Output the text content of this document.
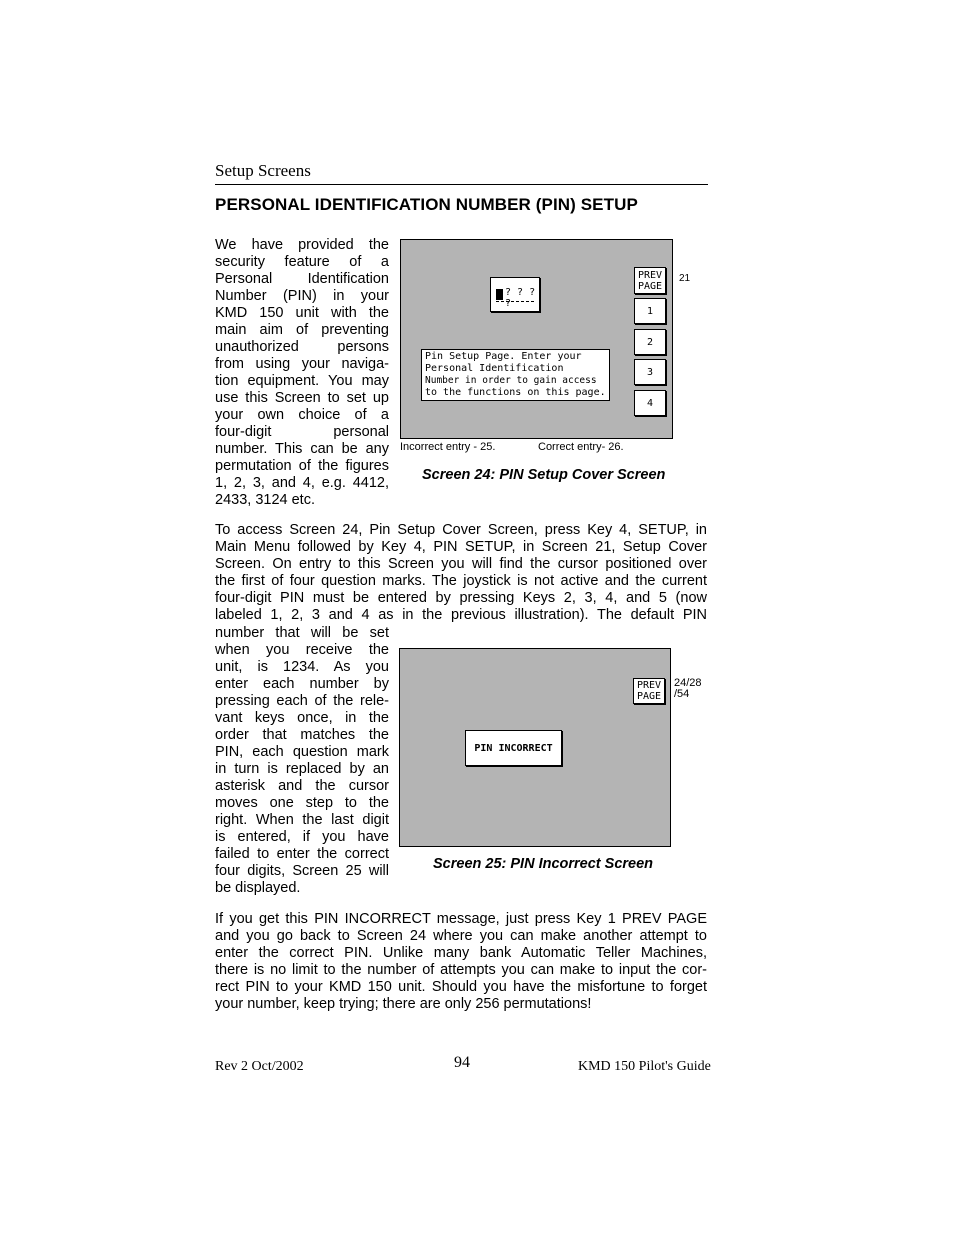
Setup Screens
PERSONAL IDENTIFICATION NUMBER (PIN) SETUP
We have provided the
security feature of a
Personal Identification
Number (PIN) in your
KMD 150 unit with the
main aim of preventing
unauthorized persons
from using your naviga-
tion equipment. You may
use this Screen to set up
your own choice of a
four-digit personal
number. This can be any
permutation of the figures
1, 2, 3, and 4, e.g. 4412,
2433, 3124 etc.
? ? ? ?
PREV
PAGE
1
2
3
4
Pin Setup Page. Enter your
Personal Identification
Number in order to gain access
to the functions on this page.
21
Incorrect entry - 25.	Correct entry- 26.
Screen 24: PIN Setup Cover Screen
To access Screen 24, Pin Setup Cover Screen, press Key 4, SETUP, in
Main Menu followed by Key 4, PIN SETUP, in Screen 21, Setup Cover
Screen. On entry to this Screen you will find the cursor positioned over
the first of four question marks. The joystick is not active and the current
four-digit PIN must be entered by pressing Keys 2, 3, 4, and 5 (now
labeled 1, 2, 3 and 4 as in the previous illustration). The default PIN
number that will be set
when you receive the
unit, is 1234. As you
enter each number by
pressing each of the rele-
vant keys once, in the
order that matches the
PIN, each question mark
in turn is replaced by an
asterisk and the cursor
moves one step to the
right. When the last digit
is entered, if you have
failed to enter the correct
four digits, Screen 25 will
be displayed.
PREV
PAGE
PIN INCORRECT
24/28
/54
Screen 25: PIN Incorrect Screen
If you get this PIN INCORRECT message, just press Key 1 PREV PAGE
and you go back to Screen 24 where you can make another attempt to
enter the correct PIN. Unlike many bank Automatic Teller Machines,
there is no limit to the number of attempts you can make to input the cor-
rect PIN to your KMD 150 unit. Should you have the misfortune to forget
your number, keep trying; there are only 256 permutations!
Rev 2 Oct/2002	94	KMD 150 Pilot's Guide
